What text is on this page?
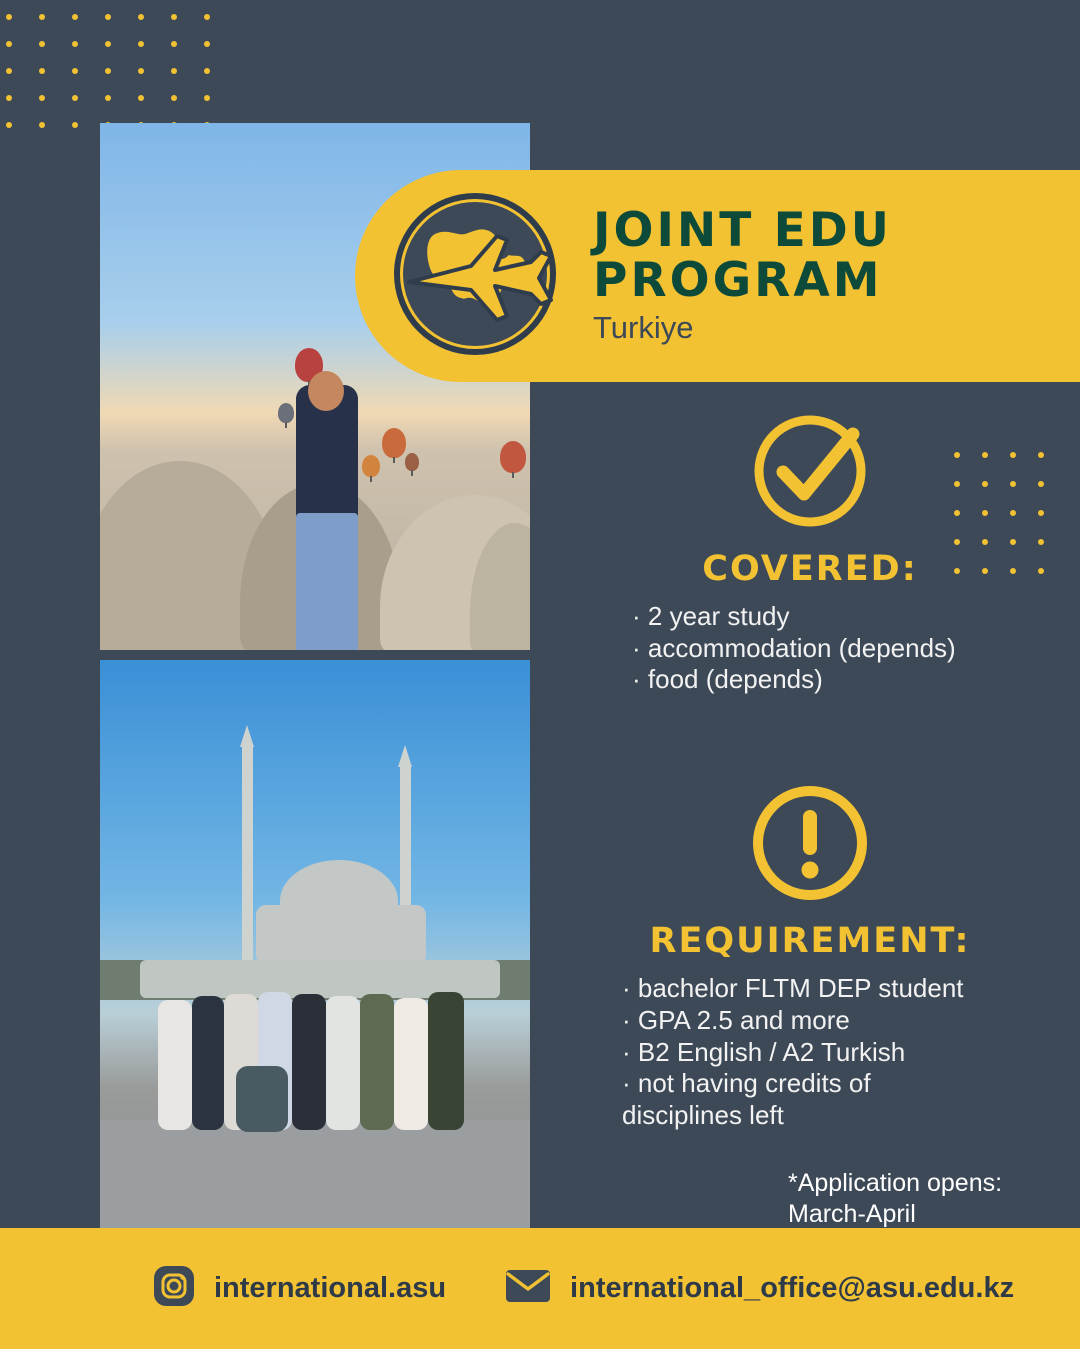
JOINT EDU
PROGRAM
Turkiye
COVERED:
· 2 year study
· accommodation (depends)
· food (depends)
REQUIREMENT:
· bachelor FLTM DEP student
· GPA 2.5 and more
· B2 English / A2 Turkish
· not having credits of
disciplines left
*Application opens:
March-April
international.asu	international_office@asu.edu.kz
